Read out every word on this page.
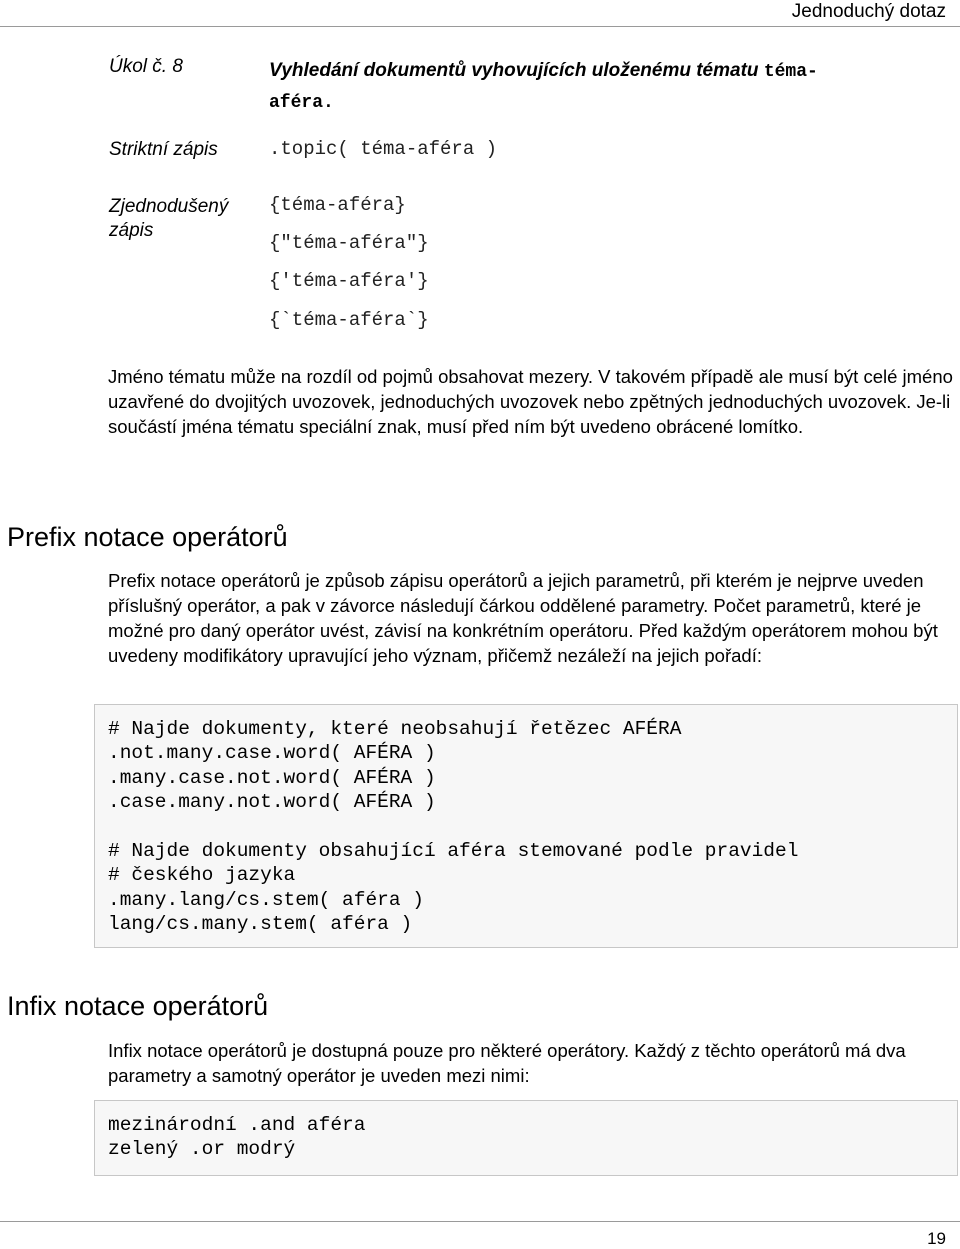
Jednoduchý dotaz
Úkol č. 8	Vyhledání dokumentů vyhovujících uloženému tématu téma-
aféra.
Striktní zápis	.topic( téma-aféra )
Zjednodušený
zápis
{téma-aféra}
{"téma-aféra"}
{'téma-aféra'}
{`téma-aféra`}

Jméno tématu může na rozdíl od pojmů obsahovat mezery. V takovém případě ale musí být celé jméno uzavřené do dvojitých uvozovek, jednoduchých uvozovek nebo zpětných jednoduchých uvozovek. Je-li součástí jména tématu speciální znak, musí před ním být uvedeno obrácené lomítko.

Prefix notace operátorů

Prefix notace operátorů je způsob zápisu operátorů a jejich parametrů, při kterém je nejprve uveden příslušný operátor, a pak v závorce následují čárkou oddělené parametry. Počet parametrů, které je možné pro daný operátor uvést, závisí na konkrétním operátoru. Před každým operátorem mohou být uvedeny modifikátory upravující jeho význam, přičemž nezáleží na jejich pořadí:

# Najde dokumenty, které neobsahují řetězec AFÉRA
.not.many.case.word( AFÉRA )
.many.case.not.word( AFÉRA )
.case.many.not.word( AFÉRA )
# Najde dokumenty obsahující aféra stemované podle pravidel
# českého jazyka
.many.lang/cs.stem( aféra )
lang/cs.many.stem( aféra )
Infix notace operátorů

Infix notace operátorů je dostupná pouze pro některé operátory. Každý z těchto operátorů má dva parametry a samotný operátor je uveden mezi nimi:

mezinárodní .and aféra
zelený .or modrý
19
